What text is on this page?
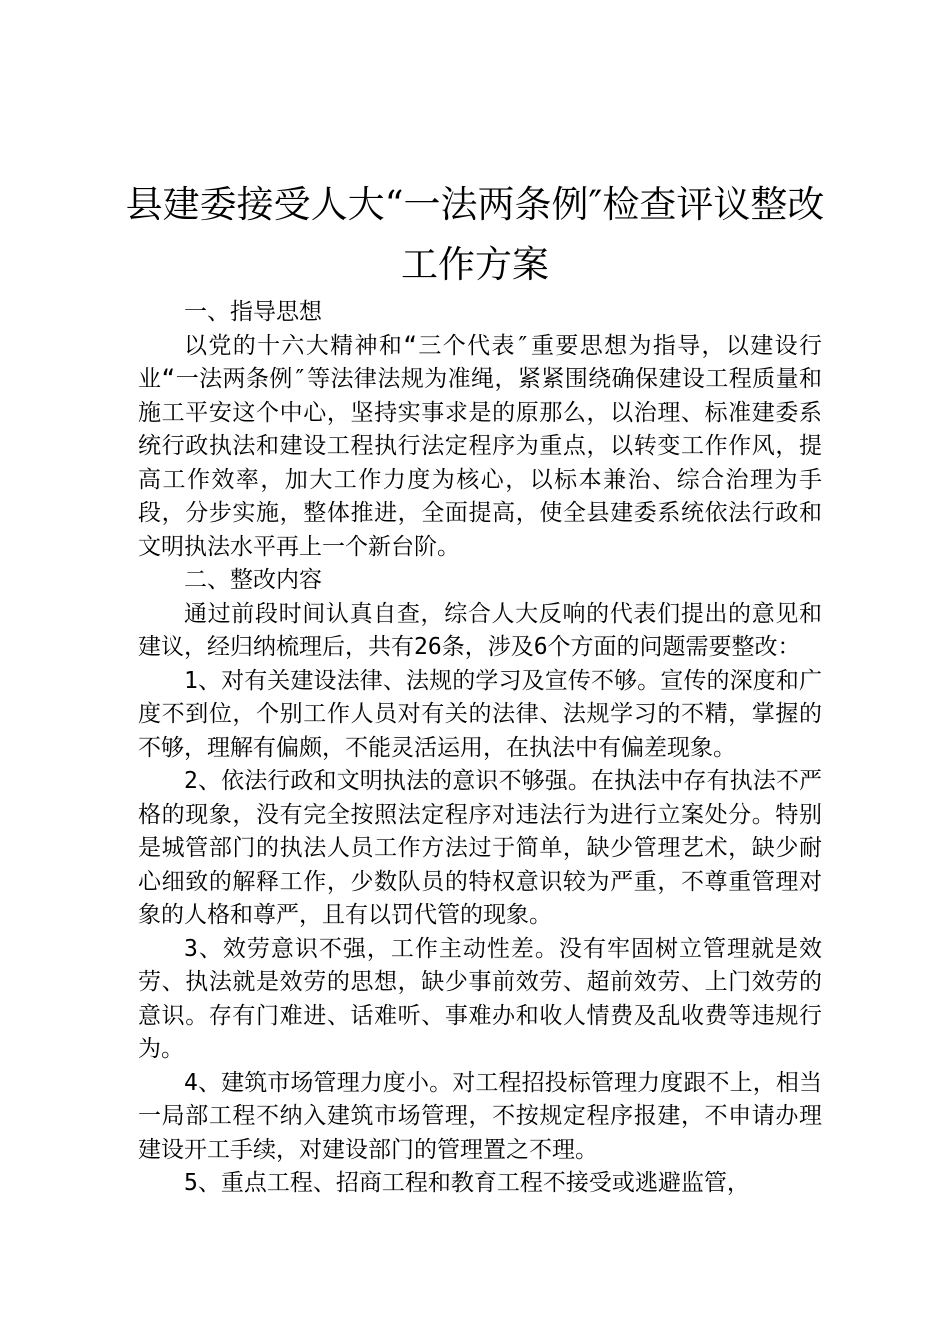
县建委接受人大“一法两条例″检查评议整改
工作方案

一、指导思想

以党的十六大精神和“三个代表″重要思想为指导，以建设行业“一法两条例″等法律法规为准绳，紧紧围绕确保建设工程质量和施工平安这个中心，坚持实事求是的原那么，以治理、标准建委系统行政执法和建设工程执行法定程序为重点，以转变工作作风，提高工作效率，加大工作力度为核心，以标本兼治、综合治理为手段，分步实施，整体推进，全面提高，使全县建委系统依法行政和文明执法水平再上一个新台阶。

二、整改内容

通过前段时间认真自查，综合人大反响的代表们提出的意见和建议，经归纳梳理后，共有26条，涉及6个方面的问题需要整改：

1、对有关建设法律、法规的学习及宣传不够。宣传的深度和广度不到位，个别工作人员对有关的法律、法规学习的不精，掌握的不够，理解有偏颇，不能灵活运用，在执法中有偏差现象。

2、依法行政和文明执法的意识不够强。在执法中存有执法不严格的现象，没有完全按照法定程序对违法行为进行立案处分。特别是城管部门的执法人员工作方法过于简单，缺少管理艺术，缺少耐心细致的解释工作，少数队员的特权意识较为严重，不尊重管理对象的人格和尊严，且有以罚代管的现象。

3、效劳意识不强，工作主动性差。没有牢固树立管理就是效劳、执法就是效劳的思想，缺少事前效劳、超前效劳、上门效劳的意识。存有门难进、话难听、事难办和收人情费及乱收费等违规行为。

4、建筑市场管理力度小。对工程招投标管理力度跟不上，相当一局部工程不纳入建筑市场管理，不按规定程序报建，不申请办理建设开工手续，对建设部门的管理置之不理。

5、重点工程、招商工程和教育工程不接受或逃避监管，
